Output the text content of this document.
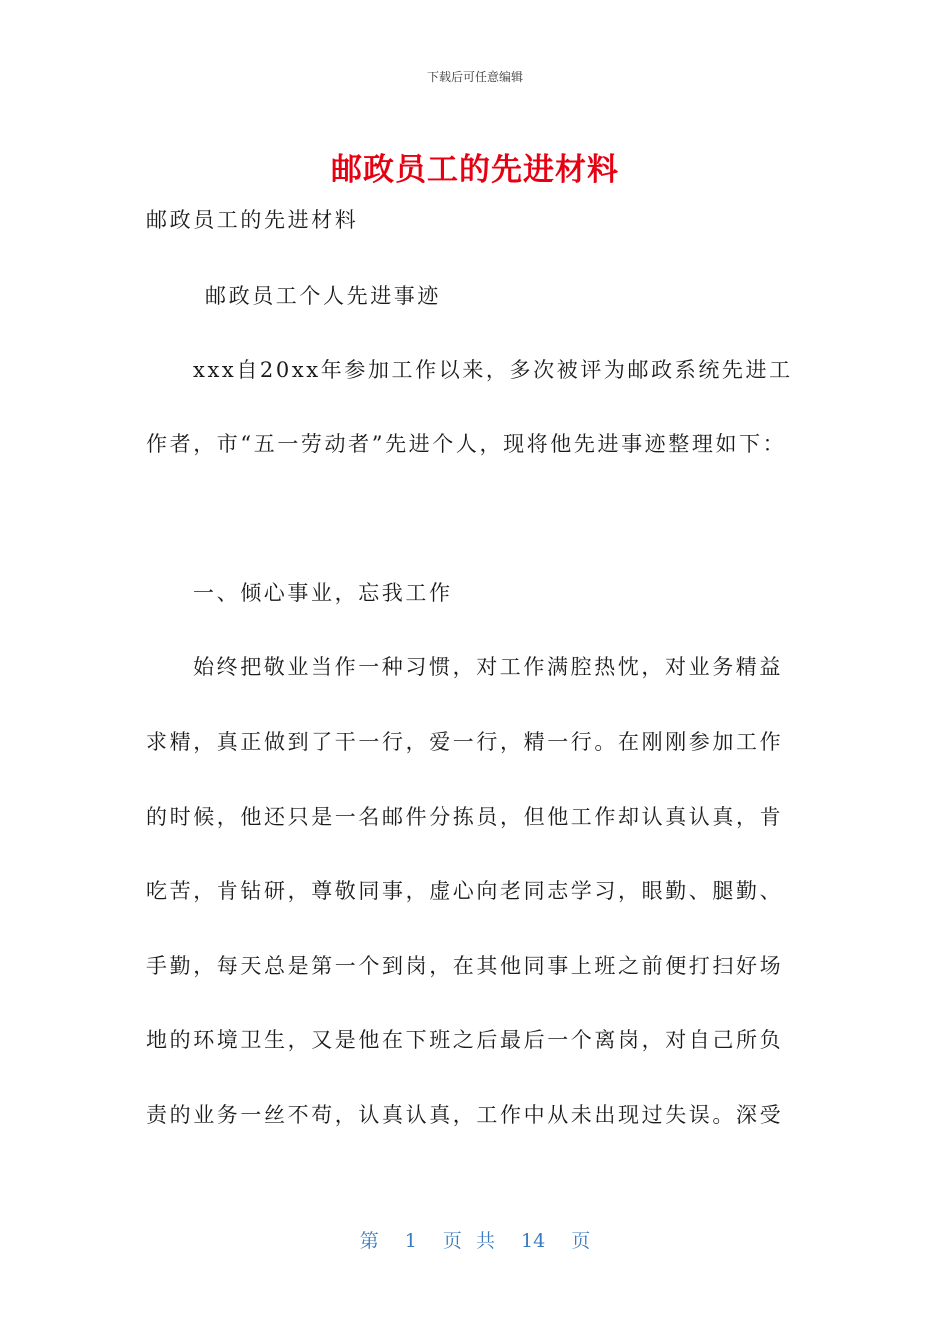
下载后可任意编辑
邮政员工的先进材料

邮政员工的先进材料

邮政员工个人先进事迹

xxx自20xx年参加工作以来，多次被评为邮政系统先进工

作者，市“五一劳动者”先进个人，现将他先进事迹整理如下：

一、倾心事业，忘我工作

始终把敬业当作一种习惯，对工作满腔热忱，对业务精益

求精，真正做到了干一行，爱一行，精一行。在刚刚参加工作

的时候，他还只是一名邮件分拣员，但他工作却认真认真，肯

吃苦，肯钻研，尊敬同事，虚心向老同志学习，眼勤、腿勤、

手勤，每天总是第一个到岗，在其他同事上班之前便打扫好场

地的环境卫生，又是他在下班之后最后一个离岗，对自己所负

责的业务一丝不苟，认真认真，工作中从未出现过失误。深受

第 1 页 共 14 页
